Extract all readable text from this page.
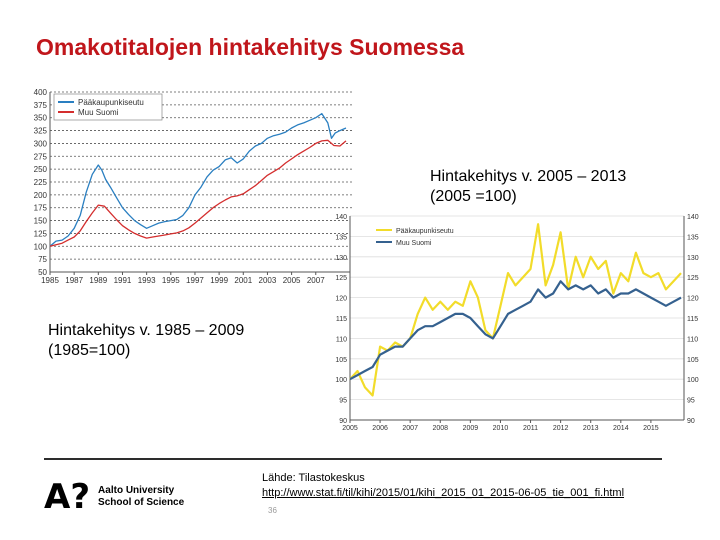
Omakotitalojen hintakehitys Suomessa
50
75
100
125
150
175
200
225
250
275
300
325
350
375
400
1985 1987 1989 1991 1993 1995 1997 1999 2001 2003 2005 2007
Pääkaupunkiseutu
Muu Suomi
90	90
95	95
100	100
105	105
110	110
115	115
120	120
125	125
130	130
135	135
140	140
2005 2006 2007 2008 2009 2010 2011 2012 2013 2014 2015
Pääkaupunkiseutu
Muu Suomi
Hintakehitys v. 2005 – 2013
(2005 =100)
Hintakehitys v. 1985 – 2009
(1985=100)
A? Aalto University
School of Science
Lähde: Tilastokeskus
http://www.stat.fi/til/kihi/2015/01/kihi_2015_01_2015-06-05_tie_001_fi.html
36
